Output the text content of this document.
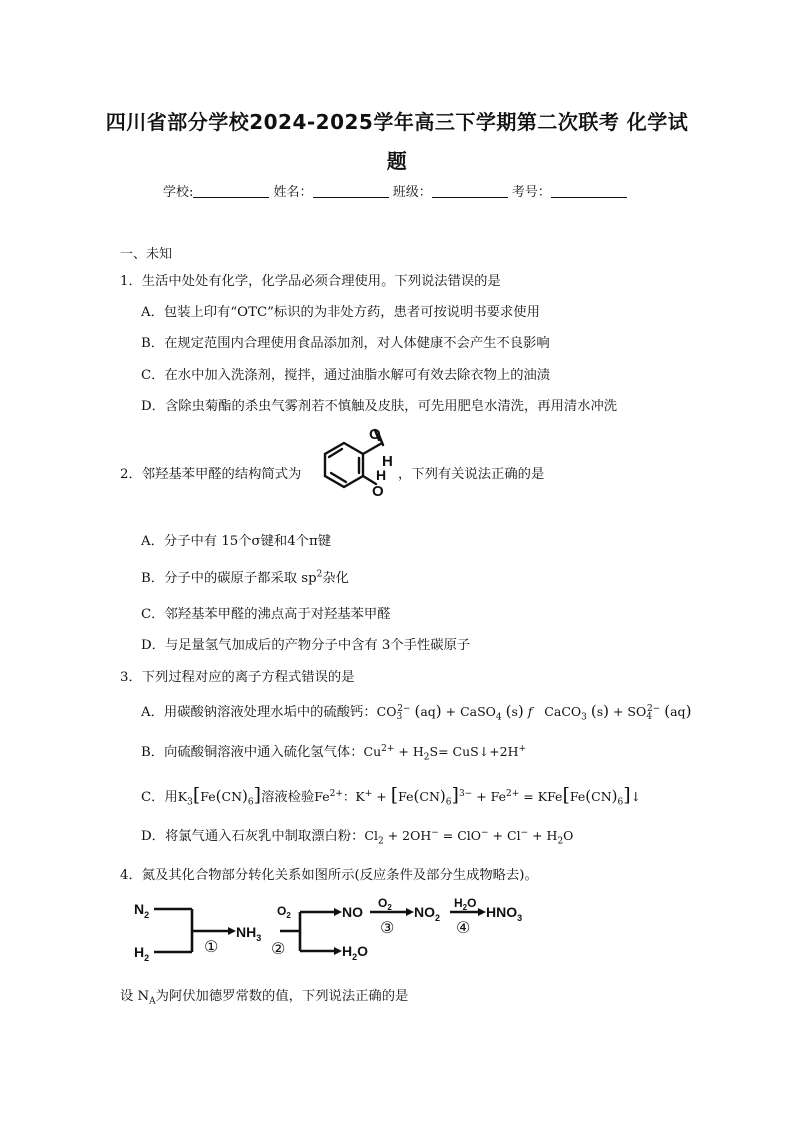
四川省部分学校2024-2025学年高三下学期第二次联考 化学试
题
学校:	姓名：	班级：	考号：
一、未知
1．生活中处处有化学，化学品必须合理使用。下列说法错误的是
A．包装上印有“OTC”标识的为非处方药，患者可按说明书要求使用
B．在规定范围内合理使用食品添加剂，对人体健康不会产生不良影响
C．在水中加入洗涤剂，搅拌，通过油脂水解可有效去除衣物上的油渍
D．含除虫菊酯的杀虫气雾剂若不慎触及皮肤，可先用肥皂水清洗，再用清水冲洗
2．邻羟基苯甲醛的结构简式为
O
H
H
O
，下列有关说法正确的是
A．分子中有 15个σ键和4个π键
B．分子中的碳原子都采取 $sp^2$杂化
C．邻羟基苯甲醛的沸点高于对羟基苯甲醛
D．与足量氢气加成后的产物分子中含有 3个手性碳原子
3．下列过程对应的离子方程式错误的是
A．用碳酸钠溶液处理水垢中的硫酸钙：$CO_3^{2-}$ (aq) + CaSO$_4$ (s) f   CaCO$_3$ $(s) + SO_4^{2-}$ (aq)
B．向硫酸铜溶液中通入硫化氢气体：$Cu^{2+} + H_2S=$ CuS↓+2H+
C．用$K_3[Fe(CN)_6]$溶液检验$Fe^{2+}$：$K^+ + [Fe(CN)_6]^{3-} + Fe^{2+}$ = $KFe[Fe(CN)_6]↓$
D．将氯气通入石灰乳中制取漂白粉：$Cl_2 + 2OH^- = ClO^- + Cl^- + H_2O$
4．氮及其化合物部分转化关系如图所示(反应条件及部分生成物略去)。
$N_2$
$H_2$
$NH_3$
NO	$NO_2$	$HNO_3$
$H_2O$
$O_2$
$O_2$	$H_2O$
①	②
③	④
设 $N_A$为阿伏加德罗常数的值，下列说法正确的是
